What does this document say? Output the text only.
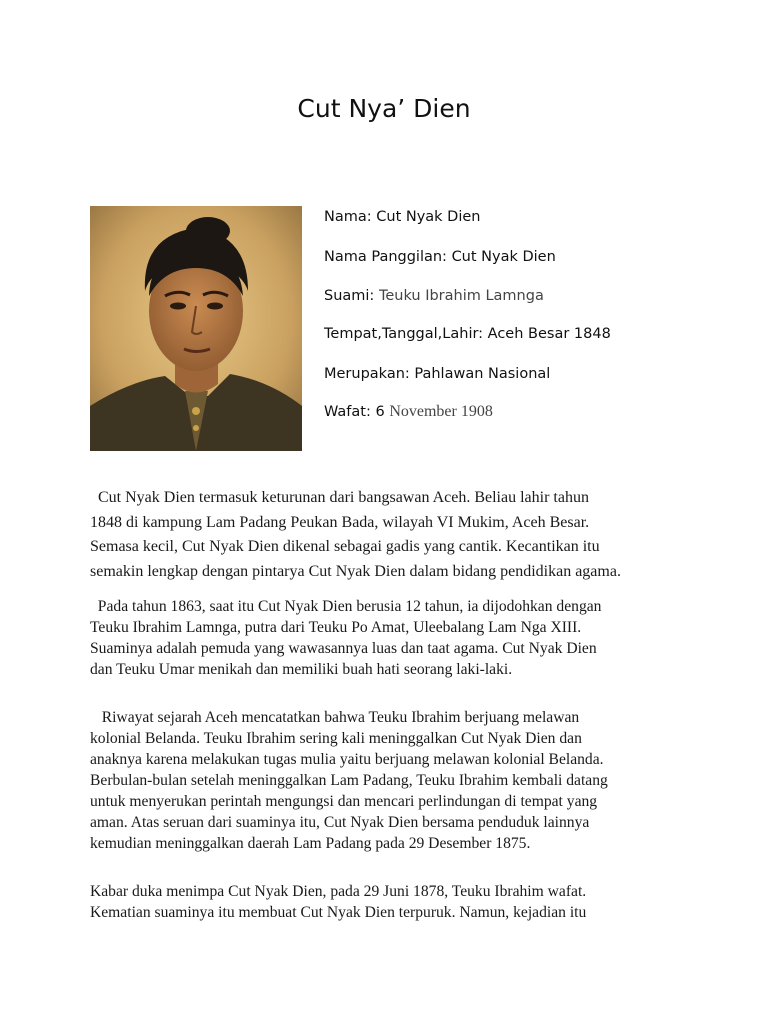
Cut Nya’ Dien
Nama: Cut Nyak Dien
Nama Panggilan: Cut Nyak Dien
Suami: Teuku Ibrahim Lamnga
Tempat,Tanggal,Lahir: Aceh Besar 1848
Merupakan: Pahlawan Nasional
Wafat: 6 November 1908
Cut Nyak Dien termasuk keturunan dari bangsawan Aceh. Beliau lahir tahun
1848 di kampung Lam Padang Peukan Bada, wilayah VI Mukim, Aceh Besar.
Semasa kecil, Cut Nyak Dien dikenal sebagai gadis yang cantik. Kecantikan itu
semakin lengkap dengan pintarya Cut Nyak Dien dalam bidang pendidikan agama.
Pada tahun 1863, saat itu Cut Nyak Dien berusia 12 tahun, ia dijodohkan dengan
Teuku Ibrahim Lamnga, putra dari Teuku Po Amat, Uleebalang Lam Nga XIII.
Suaminya adalah pemuda yang wawasannya luas dan taat agama. Cut Nyak Dien
dan Teuku Umar menikah dan memiliki buah hati seorang laki-laki.
Riwayat sejarah Aceh mencatatkan bahwa Teuku Ibrahim berjuang melawan
kolonial Belanda. Teuku Ibrahim sering kali meninggalkan Cut Nyak Dien dan
anaknya karena melakukan tugas mulia yaitu berjuang melawan kolonial Belanda.
Berbulan-bulan setelah meninggalkan Lam Padang, Teuku Ibrahim kembali datang
untuk menyerukan perintah mengungsi dan mencari perlindungan di tempat yang
aman. Atas seruan dari suaminya itu, Cut Nyak Dien bersama penduduk lainnya
kemudian meninggalkan daerah Lam Padang pada 29 Desember 1875.
Kabar duka menimpa Cut Nyak Dien, pada 29 Juni 1878, Teuku Ibrahim wafat.
Kematian suaminya itu membuat Cut Nyak Dien terpuruk. Namun, kejadian itu
